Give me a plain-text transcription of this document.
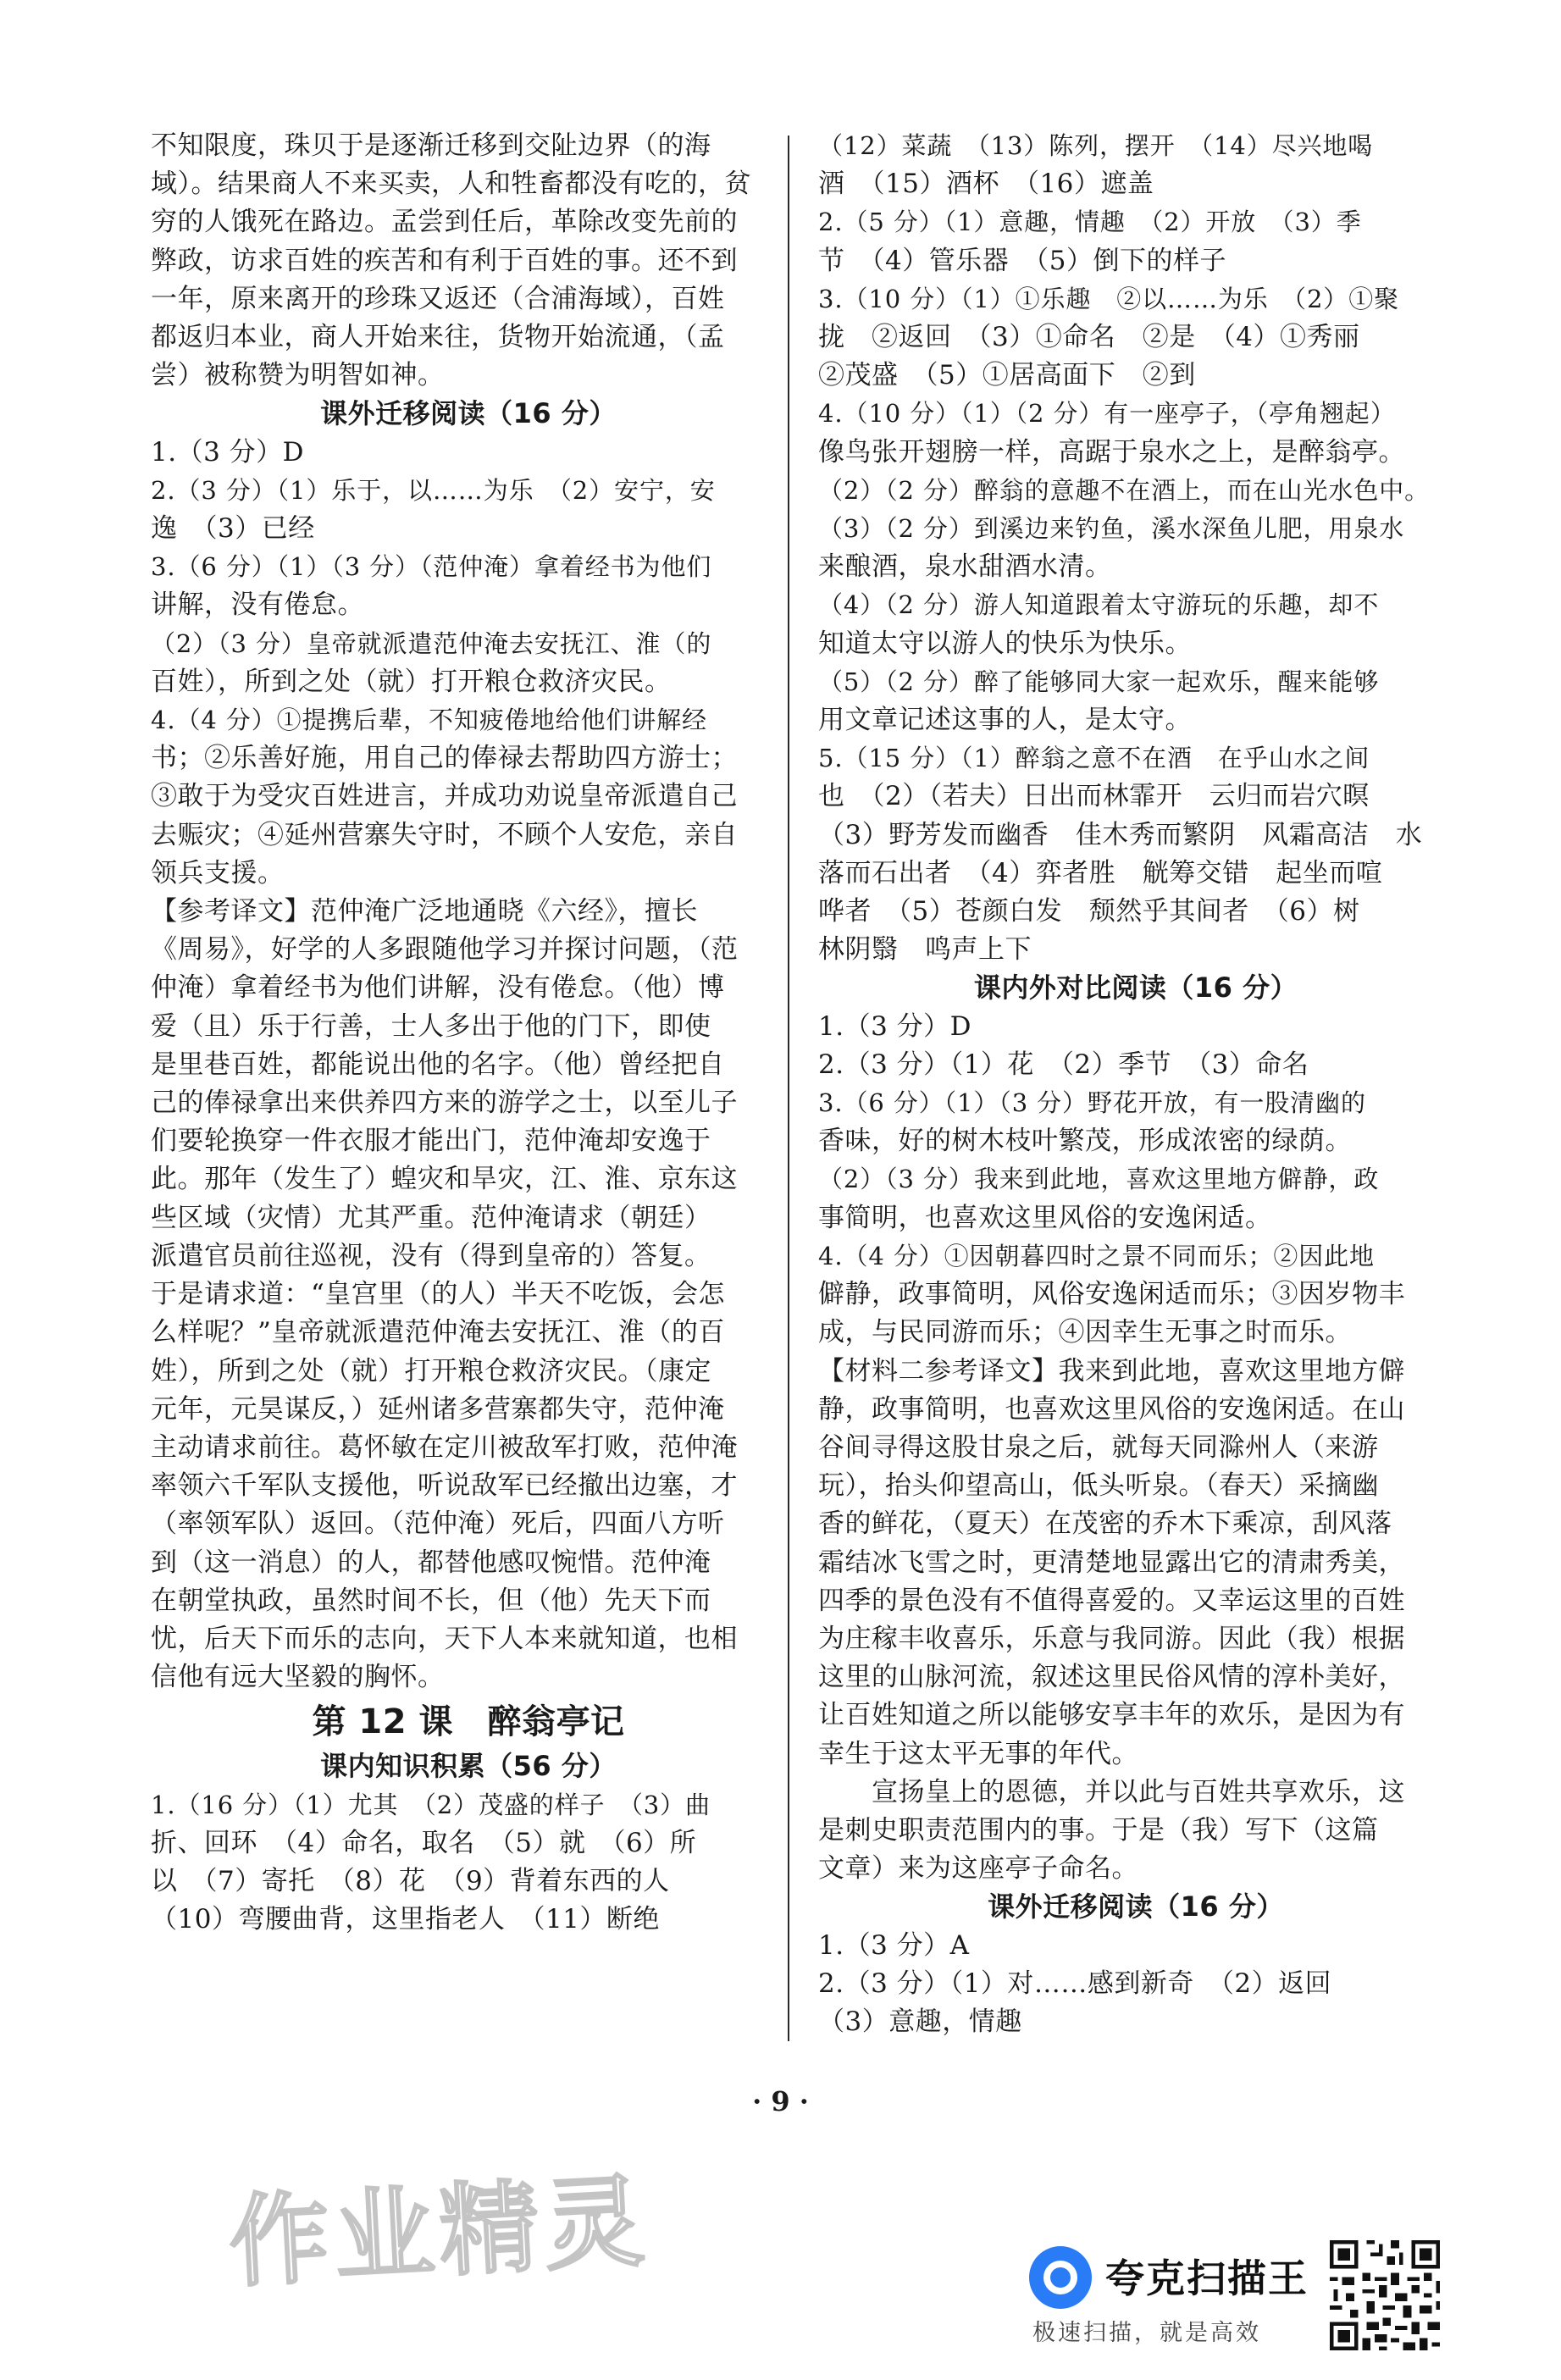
不知限度，珠贝于是逐渐迁移到交阯边界（的海

域）。结果商人不来买卖，人和牲畜都没有吃的，贫

穷的人饿死在路边。孟尝到任后，革除改变先前的

弊政，访求百姓的疾苦和有利于百姓的事。还不到

一年，原来离开的珍珠又返还（合浦海域），百姓

都返归本业，商人开始来往，货物开始流通，（孟

尝）被称赞为明智如神。

课外迁移阅读（16 分）

1.（3 分）D

2.（3 分）（1）乐于，以……为乐　（2）安宁，安

逸　（3）已经

3.（6 分）（1）（3 分）（范仲淹）拿着经书为他们

讲解，没有倦怠。

（2）（3 分）皇帝就派遣范仲淹去安抚江、淮（的

百姓），所到之处（就）打开粮仓救济灾民。

4.（4 分）①提携后辈，不知疲倦地给他们讲解经

书；②乐善好施，用自己的俸禄去帮助四方游士；

③敢于为受灾百姓进言，并成功劝说皇帝派遣自己

去赈灾；④延州营寨失守时，不顾个人安危，亲自

领兵支援。

【参考译文】范仲淹广泛地通晓《六经》，擅长

《周易》，好学的人多跟随他学习并探讨问题，（范

仲淹）拿着经书为他们讲解，没有倦怠。（他）博

爱（且）乐于行善，士人多出于他的门下，即使

是里巷百姓，都能说出他的名字。（他）曾经把自

己的俸禄拿出来供养四方来的游学之士，以至儿子

们要轮换穿一件衣服才能出门，范仲淹却安逸于

此。那年（发生了）蝗灾和旱灾，江、淮、京东这

些区域（灾情）尤其严重。范仲淹请求（朝廷）

派遣官员前往巡视，没有（得到皇帝的）答复。

于是请求道：“皇宫里（的人）半天不吃饭，会怎

么样呢？”皇帝就派遣范仲淹去安抚江、淮（的百

姓），所到之处（就）打开粮仓救济灾民。（康定

元年，元昊谋反，）延州诸多营寨都失守，范仲淹

主动请求前往。葛怀敏在定川被敌军打败，范仲淹

率领六千军队支援他，听说敌军已经撤出边塞，才

（率领军队）返回。（范仲淹）死后，四面八方听

到（这一消息）的人，都替他感叹惋惜。范仲淹

在朝堂执政，虽然时间不长，但（他）先天下而

忧，后天下而乐的志向，天下人本来就知道，也相

信他有远大坚毅的胸怀。

第 12 课　醉翁亭记

课内知识积累（56 分）

1.（16 分）（1）尤其　（2）茂盛的样子　（3）曲

折、回环　（4）命名，取名　（5）就　（6）所

以　（7）寄托　（8）花　（9）背着东西的人

（10）弯腰曲背，这里指老人　（11）断绝

（12）菜蔬　（13）陈列，摆开　（14）尽兴地喝

酒　（15）酒杯　（16）遮盖

2.（5 分）（1）意趣，情趣　（2）开放　（3）季

节　（4）管乐器　（5）倒下的样子

3.（10 分）（1）①乐趣　②以……为乐　（2）①聚

拢　②返回　（3）①命名　②是　（4）①秀丽

②茂盛　（5）①居高面下　②到

4.（10 分）（1）（2 分）有一座亭子，（亭角翘起）

像鸟张开翅膀一样，高踞于泉水之上，是醉翁亭。

（2）（2 分）醉翁的意趣不在酒上，而在山光水色中。

（3）（2 分）到溪边来钓鱼，溪水深鱼儿肥，用泉水

来酿酒，泉水甜酒水清。

（4）（2 分）游人知道跟着太守游玩的乐趣，却不

知道太守以游人的快乐为快乐。

（5）（2 分）醉了能够同大家一起欢乐，醒来能够

用文章记述这事的人，是太守。

5.（15 分）（1）醉翁之意不在酒　在乎山水之间

也　（2）（若夫）日出而林霏开　云归而岩穴暝

（3）野芳发而幽香　佳木秀而繁阴　风霜高洁　水

落而石出者　（4）弈者胜　觥筹交错　起坐而喧

哗者　（5）苍颜白发　颓然乎其间者　（6）树

林阴翳　鸣声上下

课内外对比阅读（16 分）

1.（3 分）D

2.（3 分）（1）花　（2）季节　（3）命名

3.（6 分）（1）（3 分）野花开放，有一股清幽的

香味，好的树木枝叶繁茂，形成浓密的绿荫。

（2）（3 分）我来到此地，喜欢这里地方僻静，政

事简明，也喜欢这里风俗的安逸闲适。

4.（4 分）①因朝暮四时之景不同而乐；②因此地

僻静，政事简明，风俗安逸闲适而乐；③因岁物丰

成，与民同游而乐；④因幸生无事之时而乐。

【材料二参考译文】我来到此地，喜欢这里地方僻

静，政事简明，也喜欢这里风俗的安逸闲适。在山

谷间寻得这股甘泉之后，就每天同滁州人（来游

玩），抬头仰望高山，低头听泉。（春天）采摘幽

香的鲜花，（夏天）在茂密的乔木下乘凉，刮风落

霜结冰飞雪之时，更清楚地显露出它的清肃秀美，

四季的景色没有不值得喜爱的。又幸运这里的百姓

为庄稼丰收喜乐，乐意与我同游。因此（我）根据

这里的山脉河流，叙述这里民俗风情的淳朴美好，

让百姓知道之所以能够安享丰年的欢乐，是因为有

幸生于这太平无事的年代。

　　宣扬皇上的恩德，并以此与百姓共享欢乐，这

是刺史职责范围内的事。于是（我）写下（这篇

文章）来为这座亭子命名。

课外迁移阅读（16 分）

1.（3 分）A

2.（3 分）（1）对……感到新奇　（2）返回

（3）意趣，情趣

· 9 ·
作业精灵	夸克扫描王
极速扫描，就是高效
